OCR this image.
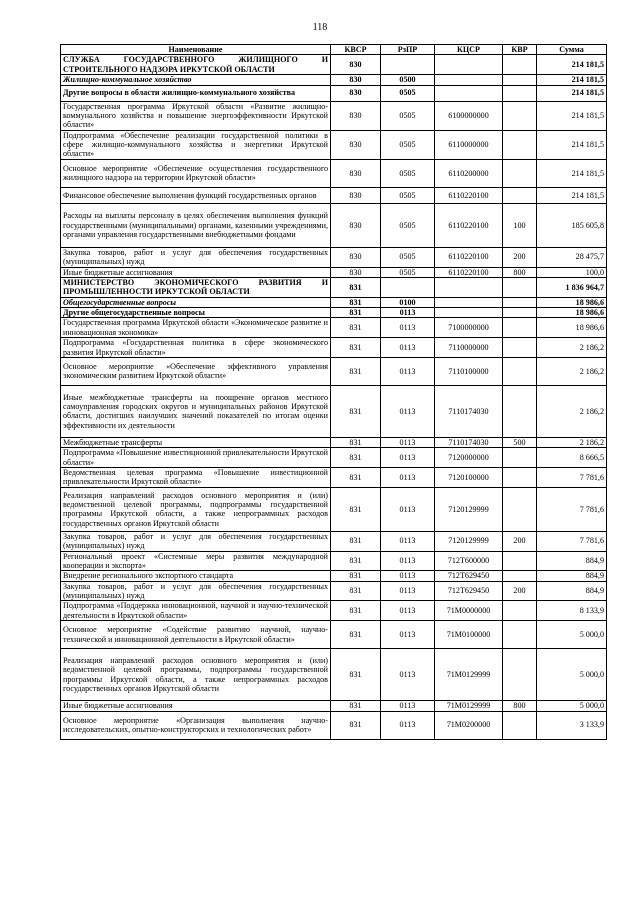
118
Наименование	КВСР	РзПР	КЦСР	КВР	Сумма
СЛУЖБА ГОСУДАРСТВЕННОГО ЖИЛИЩНОГО И СТРОИТЕЛЬНОГО НАДЗОРА ИРКУТСКОЙ ОБЛАСТИ	830				214 181,5
Жилищно-коммунальное хозяйство	830	0500			214 181,5
Другие вопросы в области жилищно-коммунального хозяйства	830	0505			214 181,5
Государственная программа Иркутской области «Развитие жилищно-коммунального хозяйства и повышение энергоэффективности Иркутской области»	830	0505	6100000000		214 181,5
Подпрограмма «Обеспечение реализации государственной политики в сфере жилищно-коммунального хозяйства и энергетики Иркутской области»	830	0505	6110000000		214 181,5
Основное мероприятие «Обеспечение осуществления государственного жилищного надзора на территории Иркутской области»	830	0505	6110200000		214 181,5
Финансовое обеспечение выполнения функций государственных органов	830	0505	6110220100		214 181,5
Расходы на выплаты персоналу в целях обеспечения выполнения функций государственными (муниципальными) органами, казенными учреждениями, органами управления государственными внебюджетными фондами	830	0505	6110220100	100	185 605,8
Закупка товаров, работ и услуг для обеспечения государственных (муниципальных) нужд	830	0505	6110220100	200	28 475,7
Иные бюджетные ассигнования	830	0505	6110220100	800	100,0
МИНИСТЕРСТВО ЭКОНОМИЧЕСКОГО РАЗВИТИЯ И ПРОМЫШЛЕННОСТИ ИРКУТСКОЙ ОБЛАСТИ	831				1 836 964,7
Общегосударственные вопросы	831	0100			18 986,6
Другие общегосударственные вопросы	831	0113			18 986,6
Государственная программа Иркутской области «Экономическое развитие и инновационная экономика»	831	0113	7100000000		18 986,6
Подпрограмма «Государственная политика в сфере экономического развития Иркутской области»	831	0113	7110000000		2 186,2
Основное мероприятие «Обеспечение эффективного управления экономическим развитием Иркутской области»	831	0113	7110100000		2 186,2
Иные межбюджетные трансферты на поощрение органов местного самоуправления городских округов и муниципальных районов Иркутской области, достигших наилучших значений показателей по итогам оценки эффективности их деятельности	831	0113	7110174030		2 186,2
Межбюджетные трансферты	831	0113	7110174030	500	2 186,2
Подпрограмма «Повышение инвестиционной привлекательности Иркутской области»	831	0113	7120000000		8 666,5
Ведомственная целевая программа «Повышение инвестиционной привлекательности Иркутской области»	831	0113	7120100000		7 781,6
Реализация направлений расходов основного мероприятия и (или) ведомственной целевой программы, подпрограммы государственной программы Иркутской области, а также непрограммных расходов государственных органов Иркутской области	831	0113	7120129999		7 781,6
Закупка товаров, работ и услуг для обеспечения государственных (муниципальных) нужд	831	0113	7120129999	200	7 781,6
Региональный проект «Системные меры развития международной кооперации и экспорта»	831	0113	712T600000		884,9
Внедрение регионального экспортного стандарта	831	0113	712T629450		884,9
Закупка товаров, работ и услуг для обеспечения государственных (муниципальных) нужд	831	0113	712T629450	200	884,9
Подпрограмма «Поддержка инновационной, научной и научно-технической деятельности в Иркутской области»	831	0113	71M0000000		8 133,9
Основное мероприятие «Содействие развитию научной, научно-технической и инновационной деятельности в Иркутской области»	831	0113	71M0100000		5 000,0
Реализация направлений расходов основного мероприятия и (или) ведомственной целевой программы, подпрограммы государственной программы Иркутской области, а также непрограммных расходов государственных органов Иркутской области	831	0113	71M0129999		5 000,0
Иные бюджетные ассигнования	831	0113	71M0129999	800	5 000,0
Основное мероприятие «Организация выполнения научно-исследовательских, опытно-конструкторских и технологических работ»	831	0113	71M0200000		3 133,9
